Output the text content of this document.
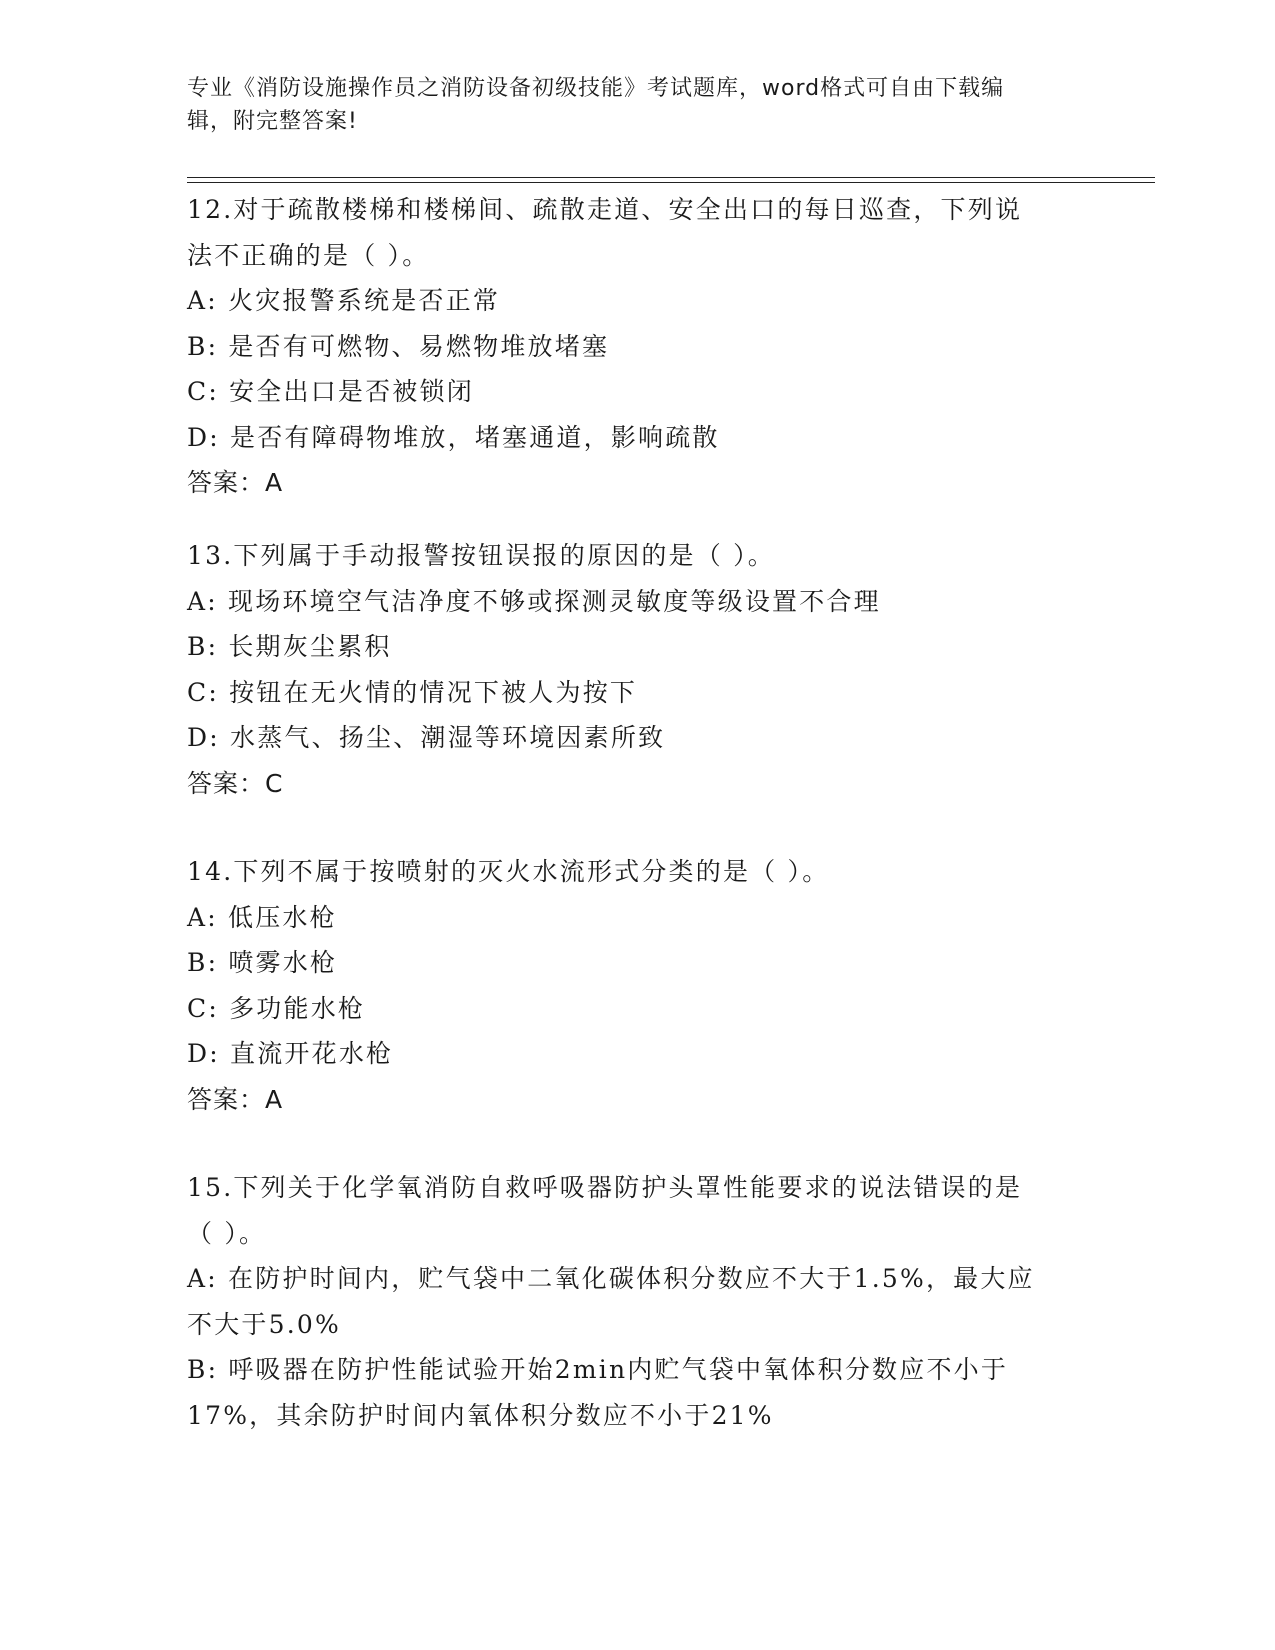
专业《消防设施操作员之消防设备初级技能》考试题库，word格式可自由下载编
辑，附完整答案!
12.对于疏散楼梯和楼梯间、疏散走道、安全出口的每日巡查，下列说
法不正确的是（ ）。
A: 火灾报警系统是否正常
B: 是否有可燃物、易燃物堆放堵塞
C: 安全出口是否被锁闭
D: 是否有障碍物堆放，堵塞通道，影响疏散
答案：A
13.下列属于手动报警按钮误报的原因的是（ ）。
A: 现场环境空气洁净度不够或探测灵敏度等级设置不合理
B: 长期灰尘累积
C: 按钮在无火情的情况下被人为按下
D: 水蒸气、扬尘、潮湿等环境因素所致
答案：C
14.下列不属于按喷射的灭火水流形式分类的是（ ）。
A: 低压水枪
B: 喷雾水枪
C: 多功能水枪
D: 直流开花水枪
答案：A
15.下列关于化学氧消防自救呼吸器防护头罩性能要求的说法错误的是
（ ）。
A: 在防护时间内，贮气袋中二氧化碳体积分数应不大于1.5%，最大应
不大于5.0%
B: 呼吸器在防护性能试验开始2min内贮气袋中氧体积分数应不小于
17%，其余防护时间内氧体积分数应不小于21%
